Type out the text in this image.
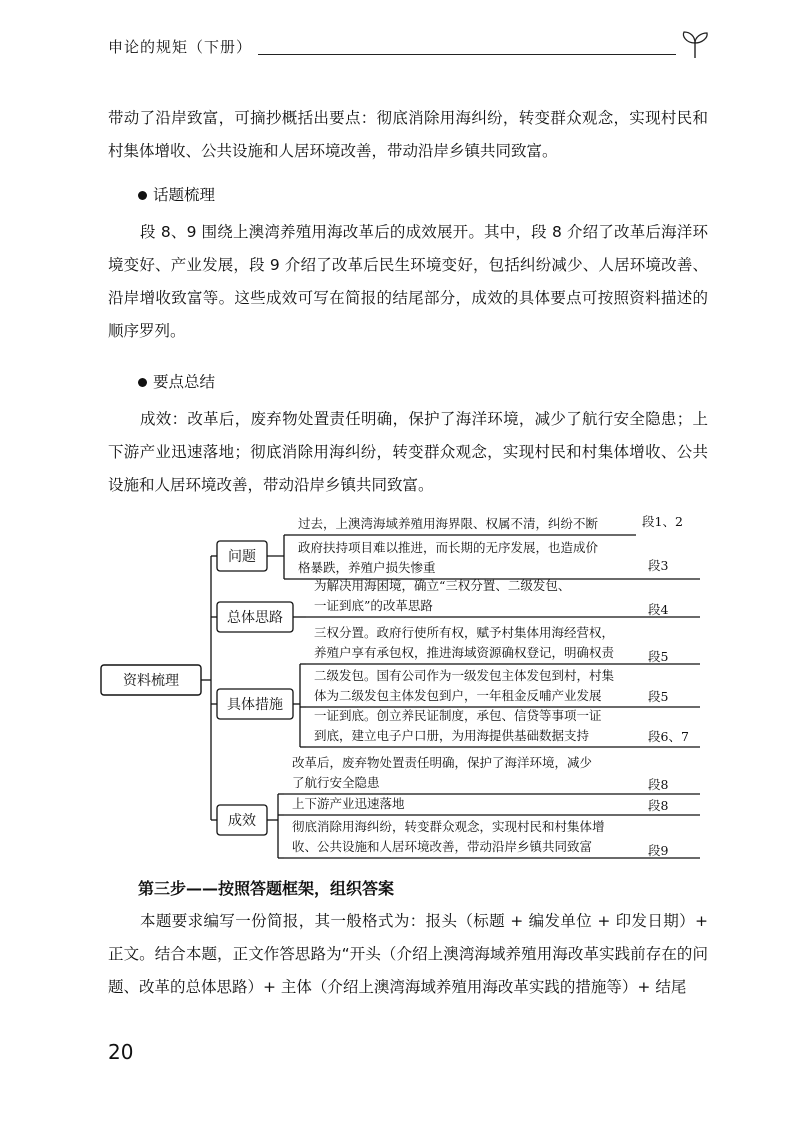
申论的规矩（下册）

带动了沿岸致富，可摘抄概括出要点：彻底消除用海纠纷，转变群众观念，实现村民和村集体增收、公共设施和人居环境改善，带动沿岸乡镇共同致富。

话题梳理

段 8、9 围绕上澳湾养殖用海改革后的成效展开。其中，段 8 介绍了改革后海洋环境变好、产业发展，段 9 介绍了改革后民生环境变好，包括纠纷减少、人居环境改善、沿岸增收致富等。这些成效可写在简报的结尾部分，成效的具体要点可按照资料描述的顺序罗列。

要点总结

成效：改革后，废弃物处置责任明确，保护了海洋环境，减少了航行安全隐患；上下游产业迅速落地；彻底消除用海纠纷，转变群众观念，实现村民和村集体增收、公共设施和人居环境改善，带动沿岸乡镇共同致富。

资料梳理
问题
过去，上澳湾海域养殖用海界限、权属不清，纠纷不断	段1、2
政府扶持项目难以推进，而长期的无序发展，也造成价
格暴跌，养殖户损失惨重	段3
总体思路
为解决用海困境，确立“三权分置、二级发包、
一证到底”的改革思路	段4
具体措施
三权分置。政府行使所有权，赋予村集体用海经营权，
养殖户享有承包权，推进海域资源确权登记，明确权责	段5
二级发包。国有公司作为一级发包主体发包到村，村集
体为二级发包主体发包到户，一年租金反哺产业发展	段5
一证到底。创立养民证制度，承包、信贷等事项一证
到底，建立电子户口册，为用海提供基础数据支持	段6、7
成效
改革后，废弃物处置责任明确，保护了海洋环境，减少
了航行安全隐患	段8
上下游产业迅速落地	段8
彻底消除用海纠纷，转变群众观念，实现村民和村集体增
收、公共设施和人居环境改善，带动沿岸乡镇共同致富	段9
第三步——按照答题框架，组织答案

本题要求编写一份简报，其一般格式为：报头（标题 + 编发单位 + 印发日期）+ 正文。结合本题，正文作答思路为“开头（介绍上澳湾海域养殖用海改革实践前存在的问题、改革的总体思路）+ 主体（介绍上澳湾海域养殖用海改革实践的措施等）+ 结尾

20
